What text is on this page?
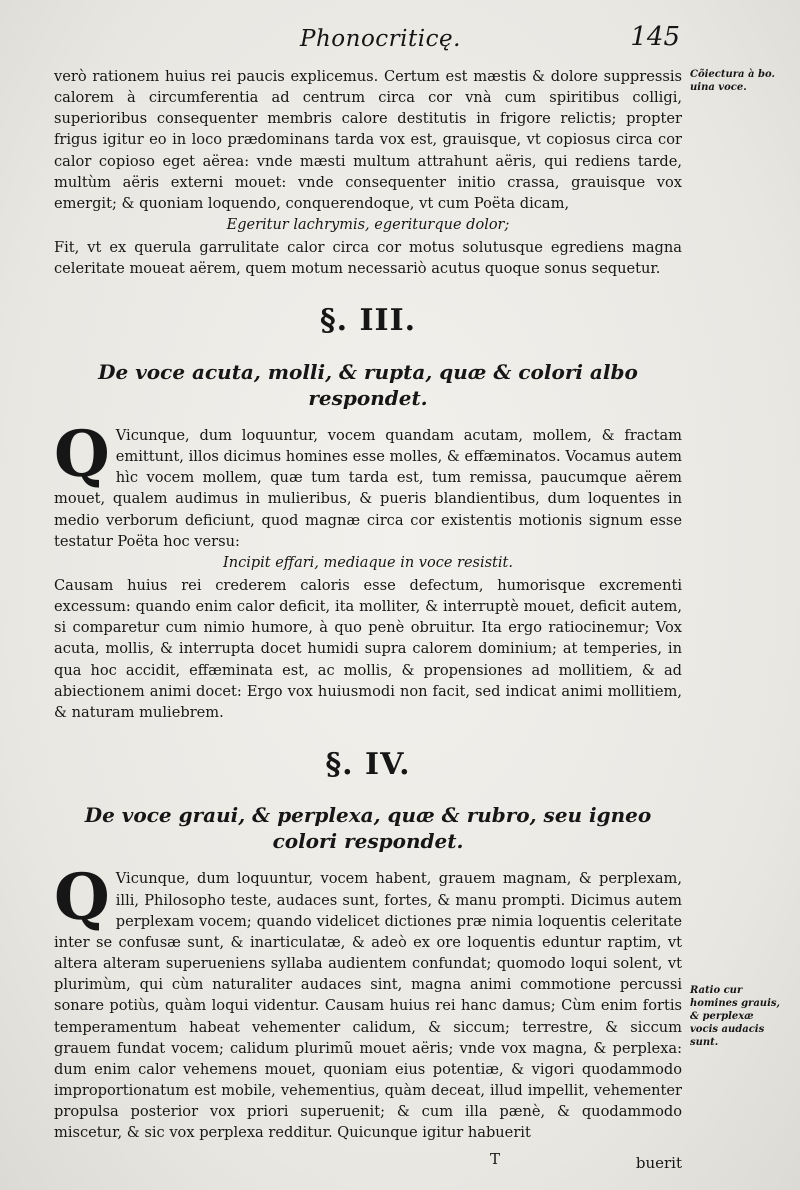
Phonocriticę.	145
Cõiectura à bo. uina voce.
Ratio cur homines grauis, & perplexæ vocis audacis sunt.

verò rationem huius rei paucis explicemus. Certum est mæstis & dolore suppressis calorem à circumferentia ad centrum circa cor vnà cum spiritibus colligi, superioribus consequenter membris calore destitutis in frigore relictis; propter frigus igitur eo in loco prædominans tarda vox est, grauisque, vt copiosus circa cor calor copioso eget aërea: vnde mæsti multum attrahunt aëris, qui rediens tarde, multùm aëris externi mouet: vnde consequenter initio crassa, grauisque vox emergit; & quoniam loquendo, conquerendoque, vt cum Poëta dicam,

Egeritur lachrymis, egeriturque dolor;

Fit, vt ex querula garrulitate calor circa cor motus solutusque egrediens magna celeritate moueat aërem, quem motum necessariò acutus quoque sonus sequetur.

§. III.
De voce acuta, molli, & rupta, quæ & colori albo respondet.

Q Vicunque, dum loquuntur, vocem quandam acutam, mollem, & fractam emittunt, illos dicimus homines esse molles, & effæminatos. Vocamus autem hìc vocem mollem, quæ tum tarda est, tum remissa, paucumque aërem mouet, qualem audimus in mulieribus, & pueris blandientibus, dum loquentes in medio verborum deficiunt, quod magnæ circa cor existentis motionis signum esse testatur Poëta hoc versu:

Incipit effari, mediaque in voce resistit.

Causam huius rei crederem caloris esse defectum, humorisque excrementi excessum: quando enim calor deficit, ita molliter, & interruptè mouet, deficit autem, si comparetur cum nimio humore, à quo penè obruitur. Ita ergo ratiocinemur; Vox acuta, mollis, & interrupta docet humidi supra calorem dominium; at temperies, in qua hoc accidit, effæminata est, ac mollis, & propensiones ad mollitiem, & ad abiectionem animi docet: Ergo vox huiusmodi non facit, sed indicat animi mollitiem, & naturam muliebrem.

§. IV.
De voce graui, & perplexa, quæ & rubro, seu igneo colori respondet.

Q Vicunque, dum loquuntur, vocem habent, grauem magnam, & perplexam, illi, Philosopho teste, audaces sunt, fortes, & manu prompti. Dicimus autem perplexam vocem; quando videlicet dictiones præ nimia loquentis celeritate inter se confusæ sunt, & inarticulatæ, & adeò ex ore loquentis eduntur raptim, vt altera alteram superueniens syllaba audientem confundat; quomodo loqui solent, vt plurimùm, qui cùm naturaliter audaces sint, magna animi commotione percussi sonare potiùs, quàm loqui videntur. Causam huius rei hanc damus; Cùm enim fortis temperamentum habeat vehementer calidum, & siccum; terrestre, & siccum grauem fundat vocem; calidum plurimũ mouet aëris; vnde vox magna, & perplexa: dum enim calor vehemens mouet, quoniam eius potentiæ, & vigori quodammodo improportionatum est mobile, vehementius, quàm deceat, illud impellit, vehementer propulsa posterior vox priori superuenit; & cum illa pænè, & quodammodo miscetur, & sic vox perplexa redditur. Quicunque igitur habuerit

T	buerit
